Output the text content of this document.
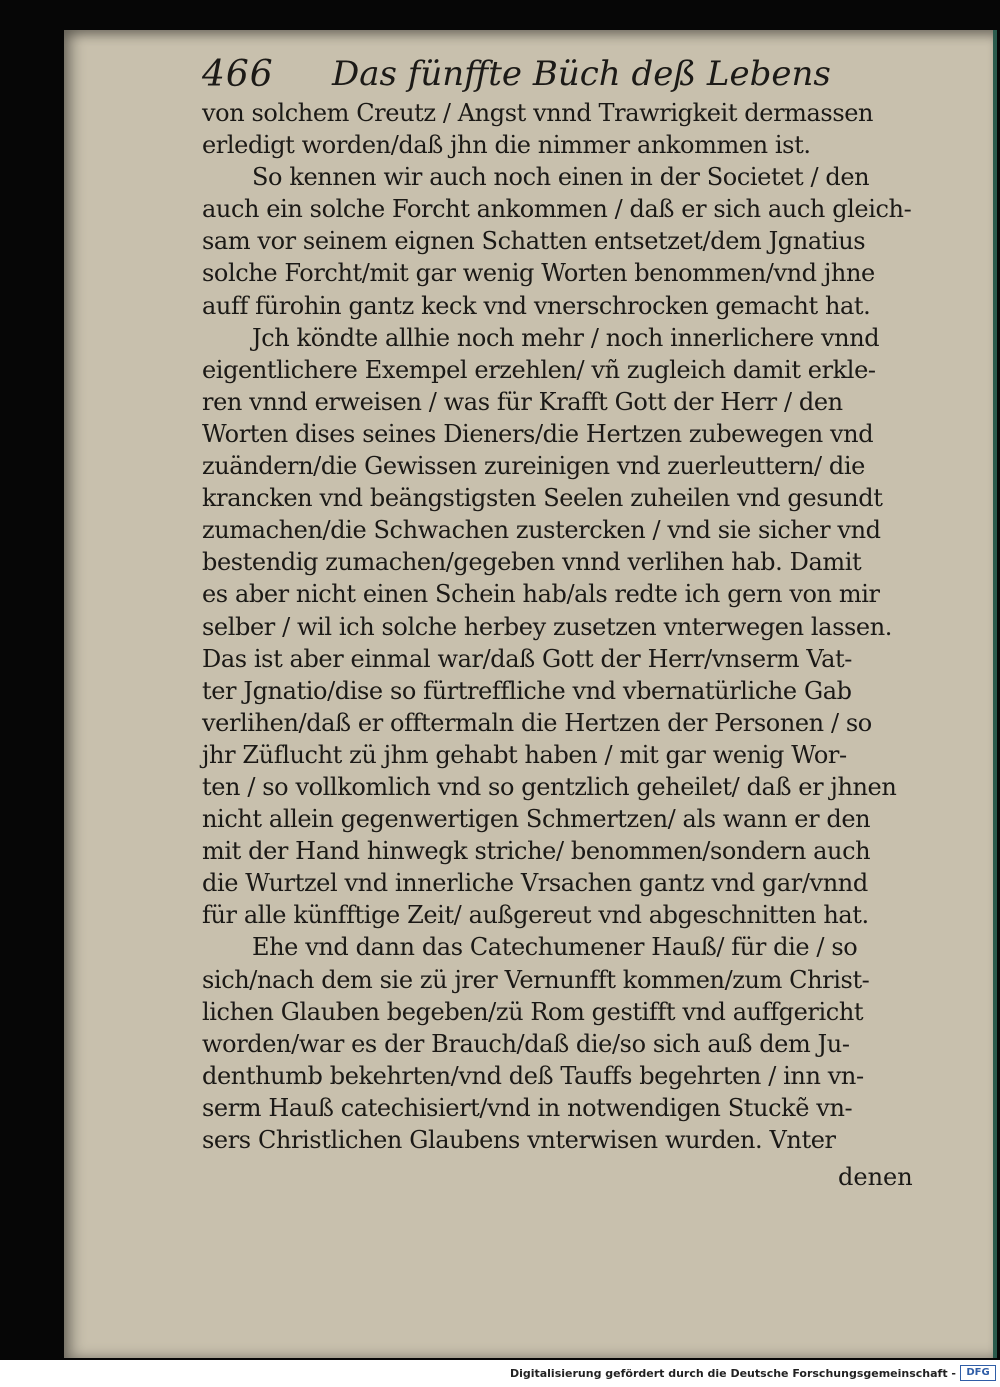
466 Das fünffte Büch deß Lebens
von solchem Creutz / Angst vnnd Trawrigkeit dermassen
erledigt worden/daß jhn die nimmer ankommen ist.
So kennen wir auch noch einen in der Societet / den
auch ein solche Forcht ankommen / daß er sich auch gleich-
sam vor seinem eignen Schatten entsetzet/dem Jgnatius
solche Forcht/mit gar wenig Worten benommen/vnd jhne
auff fürohin gantz keck vnd vnerschrocken gemacht hat.
Jch köndte allhie noch mehr / noch innerlichere vnnd
eigentlichere Exempel erzehlen/ vñ zugleich damit erkle-
ren vnnd erweisen / was für Krafft Gott der Herr / den
Worten dises seines Dieners/die Hertzen zubewegen vnd
zuändern/die Gewissen zureinigen vnd zuerleuttern/ die
krancken vnd beängstigsten Seelen zuheilen vnd gesundt
zumachen/die Schwachen zustercken / vnd sie sicher vnd
bestendig zumachen/gegeben vnnd verlihen hab. Damit
es aber nicht einen Schein hab/als redte ich gern von mir
selber / wil ich solche herbey zusetzen vnterwegen lassen.
Das ist aber einmal war/daß Gott der Herr/vnserm Vat-
ter Jgnatio/dise so fürtreffliche vnd vbernatürliche Gab
verlihen/daß er offtermaln die Hertzen der Personen / so
jhr Züflucht zü jhm gehabt haben / mit gar wenig Wor-
ten / so vollkomlich vnd so gentzlich geheilet/ daß er jhnen
nicht allein gegenwertigen Schmertzen/ als wann er den
mit der Hand hinwegk striche/ benommen/sondern auch
die Wurtzel vnd innerliche Vrsachen gantz vnd gar/vnnd
für alle künfftige Zeit/ außgereut vnd abgeschnitten hat.
Ehe vnd dann das Catechumener Hauß/ für die / so
sich/nach dem sie zü jrer Vernunfft kommen/zum Christ-
lichen Glauben begeben/zü Rom gestifft vnd auffgericht
worden/war es der Brauch/daß die/so sich auß dem Ju-
denthumb bekehrten/vnd deß Tauffs begehrten / inn vn-
serm Hauß catechisiert/vnd in notwendigen Stuckẽ vn-
sers Christlichen Glaubens vnterwisen wurden. Vnter
denen
Digitalisierung gefördert durch die Deutsche Forschungsgemeinschaft -	DFG
